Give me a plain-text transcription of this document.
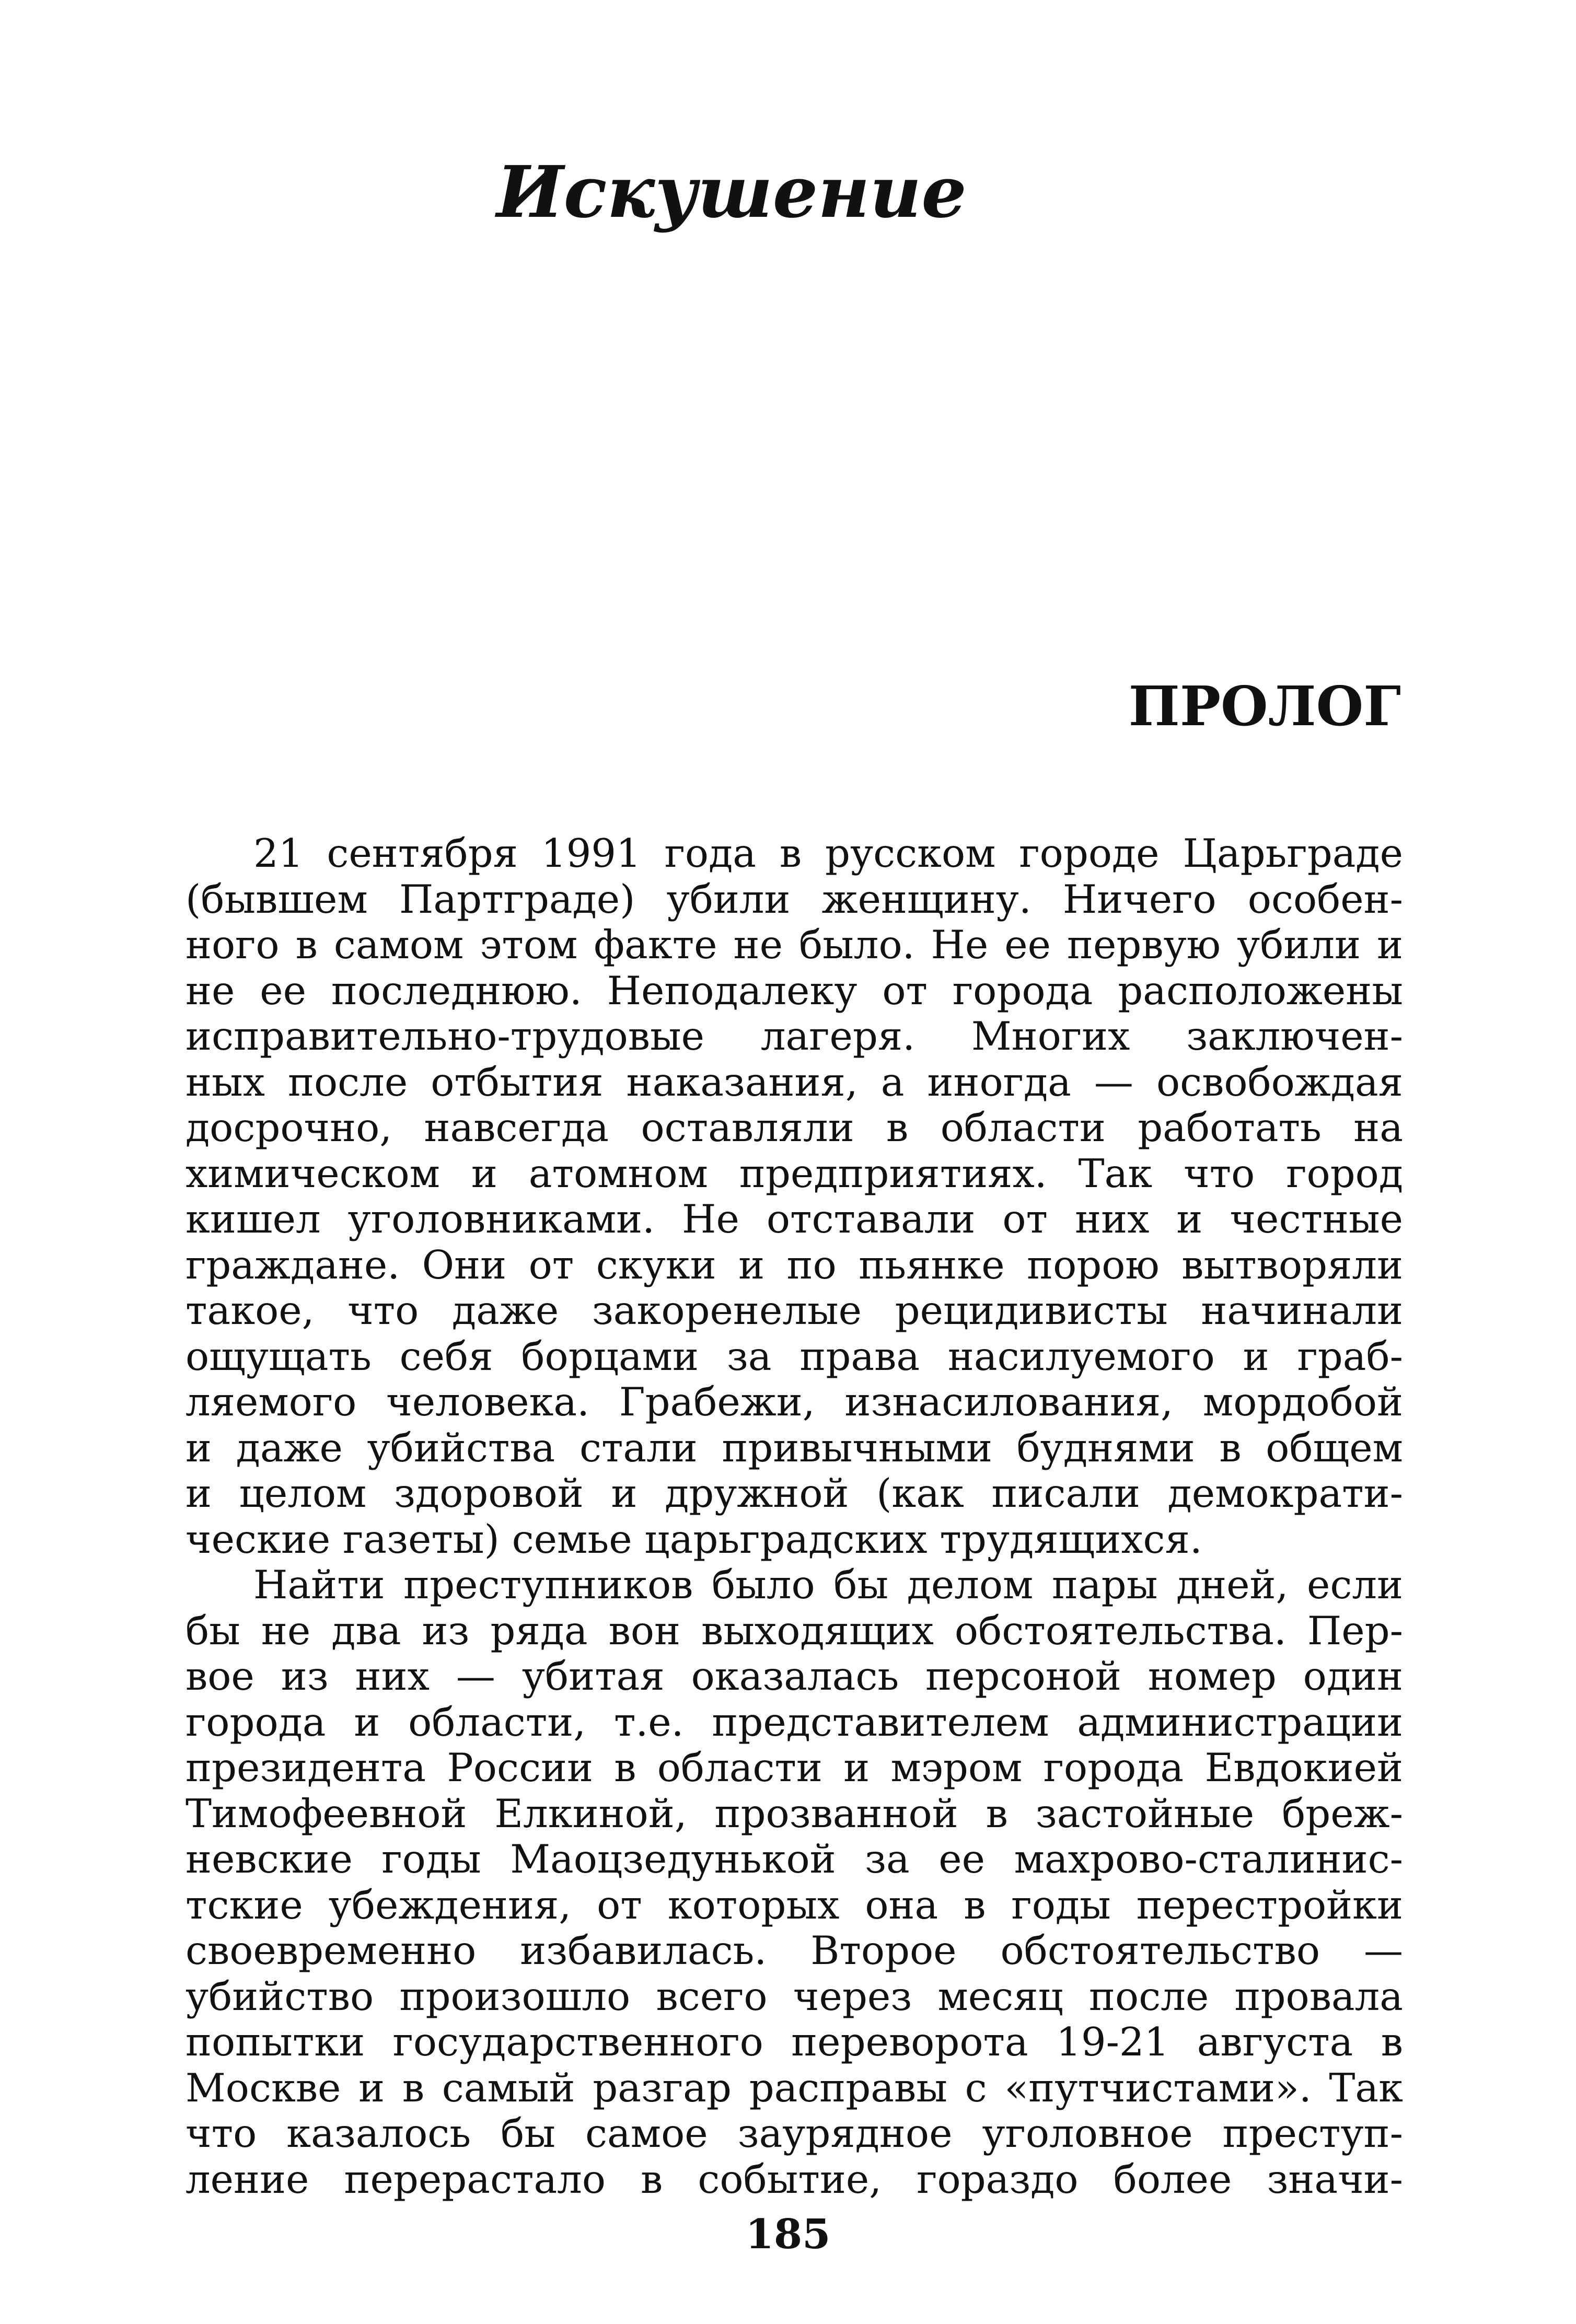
Искушение
ПРОЛОГ
21 сентября 1991 года в русском городе Царьграде
(бывшем Партграде) убили женщину. Ничего особен-
ного в самом этом факте не было. Не ее первую убили и
не ее последнюю. Неподалеку от города расположены
исправительно-трудовые лагеря. Многих заключен-
ных после отбытия наказания, а иногда — освобождая
досрочно, навсегда оставляли в области работать на
химическом и атомном предприятиях. Так что город
кишел уголовниками. Не отставали от них и честные
граждане. Они от скуки и по пьянке порою вытворяли
такое, что даже закоренелые рецидивисты начинали
ощущать себя борцами за права насилуемого и граб-
ляемого человека. Грабежи, изнасилования, мордобой
и даже убийства стали привычными буднями в общем
и целом здоровой и дружной (как писали демократи-
ческие газеты) семье царьградских трудящихся.
Найти преступников было бы делом пары дней, если
бы не два из ряда вон выходящих обстоятельства. Пер-
вое из них — убитая оказалась персоной номер один
города и области, т.е. представителем администрации
президента России в области и мэром города Евдокией
Тимофеевной Елкиной, прозванной в застойные бреж-
невские годы Маоцзедунькой за ее махрово-сталинис-
тские убеждения, от которых она в годы перестройки
своевременно избавилась. Второе обстоятельство —
убийство произошло всего через месяц после провала
попытки государственного переворота 19-21 августа в
Москве и в самый разгар расправы с «путчистами». Так
что казалось бы самое заурядное уголовное преступ-
ление перерастало в событие, гораздо более значи-
185
